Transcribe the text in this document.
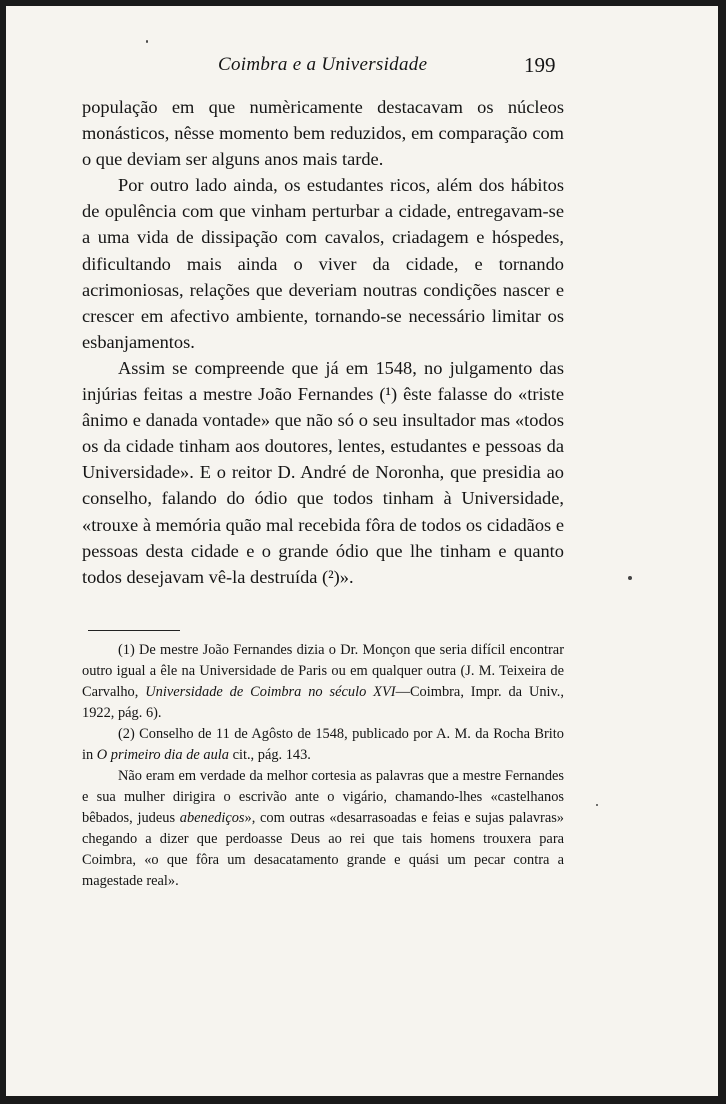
Coimbra e a Universidade	199

população em que numèricamente destacavam os núcleos monásticos, nêsse momento bem reduzidos, em comparação com o que deviam ser alguns anos mais tarde.

Por outro lado ainda, os estudantes ricos, além dos hábitos de opulência com que vinham perturbar a cidade, entregavam-se a uma vida de dissipação com cavalos, criadagem e hóspedes, dificultando mais ainda o viver da cidade, e tornando acrimoniosas, relações que deveriam noutras condições nascer e crescer em afectivo ambiente, tornando-se necessário limitar os esbanjamentos.

Assim se compreende que já em 1548, no julgamento das injúrias feitas a mestre João Fernandes (¹) êste falasse do «triste ânimo e danada vontade» que não só o seu insultador mas «todos os da cidade tinham aos doutores, lentes, estudantes e pessoas da Universidade». E o reitor D. André de Noronha, que presidia ao conselho, falando do ódio que todos tinham à Universidade, «trouxe à memória quão mal recebida fôra de todos os cidadãos e pessoas desta cidade e o grande ódio que lhe tinham e quanto todos desejavam vê-la destruída (²)».

(1) De mestre João Fernandes dizia o Dr. Monçon que seria difícil encontrar outro igual a êle na Universidade de Paris ou em qualquer outra (J. M. Teixeira de Carvalho, Universidade de Coimbra no século XVI—Coimbra, Impr. da Univ., 1922, pág. 6).

(2) Conselho de 11 de Agôsto de 1548, publicado por A. M. da Rocha Brito in O primeiro dia de aula cit., pág. 143.

Não eram em verdade da melhor cortesia as palavras que a mestre Fernandes e sua mulher dirigira o escrivão ante o vigário, chamando-lhes «castelhanos bêbados, judeus abenediços», com outras «desarrasoadas e feias e sujas palavras» chegando a dizer que perdoasse Deus ao rei que tais homens trouxera para Coimbra, «o que fôra um desacatamento grande e quási um pecar contra a magestade real».
